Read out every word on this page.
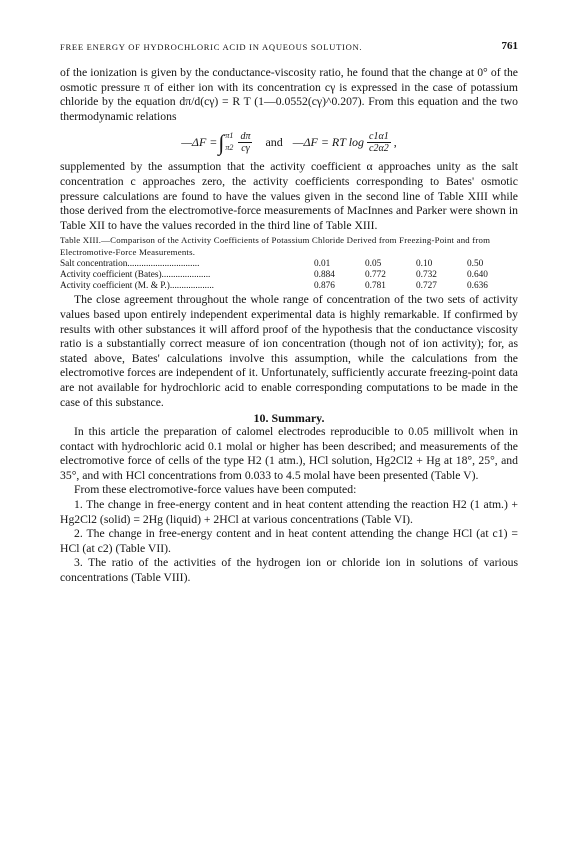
FREE ENERGY OF HYDROCHLORIC ACID IN AQUEOUS SOLUTION.	761

of the ionization is given by the conductance-viscosity ratio, he found that the change at 0° of the osmotic pressure π of either ion with its concentration cγ is expressed in the case of potassium chloride by the equation dπ/d(cγ) = R T (1—0.0552(cγ)^0.207). From this equation and the two thermodynamic relations

—ΔF = ∫ π1
$\pi 2 \frac{d\pi}{c\gamma}$ and —ΔF = RT $\log \frac{c1\alpha 1}{c2\alpha 2}$ ,

supplemented by the assumption that the activity coefficient α approaches unity as the salt concentration c approaches zero, the activity coefficients corresponding to Bates' osmotic pressure calculations are found to have the values given in the second line of Table XIII while those derived from the electromotive-force measurements of MacInnes and Parker were shown in Table XII to have the values recorded in the third line of Table XIII.

Table XIII.—Comparison of the Activity Coefficients of Potassium Chloride Derived from Freezing-Point and from Electromotive-Force Measurements.
Salt concentration...............................	0.01	0.05	0.10	0.50
Activity coefficient (Bates).....................	0.884	0.772	0.732	0.640
Activity coefficient (M. & P.)...................	0.876	0.781	0.727	0.636

The close agreement throughout the whole range of concentration of the two sets of activity values based upon entirely independent experimental data is highly remarkable. If confirmed by results with other substances it will afford proof of the hypothesis that the conductance viscosity ratio is a substantially correct measure of ion concentration (though not of ion activity); for, as stated above, Bates' calculations involve this assumption, while the calculations from the electromotive forces are independent of it. Unfortunately, sufficiently accurate freezing-point data are not available for hydrochloric acid to enable corresponding computations to be made in the case of this substance.

10. Summary.

In this article the preparation of calomel electrodes reproducible to 0.05 millivolt when in contact with hydrochloric acid 0.1 molal or higher has been described; and measurements of the electromotive force of cells of the type H2 (1 atm.), HCl solution, Hg2Cl2 + Hg at 18°, 25°, and 35°, and with HCl concentrations from 0.033 to 4.5 molal have been presented (Table V).

From these electromotive-force values have been computed:

1. The change in free-energy content and in heat content attending the reaction H2 (1 atm.) + Hg2Cl2 (solid) = 2Hg (liquid) + 2HCl at various concentrations (Table VI).

2. The change in free-energy content and in heat content attending the change HCl (at c1) = HCl (at c2) (Table VII).

3. The ratio of the activities of the hydrogen ion or chloride ion in solutions of various concentrations (Table VIII).
